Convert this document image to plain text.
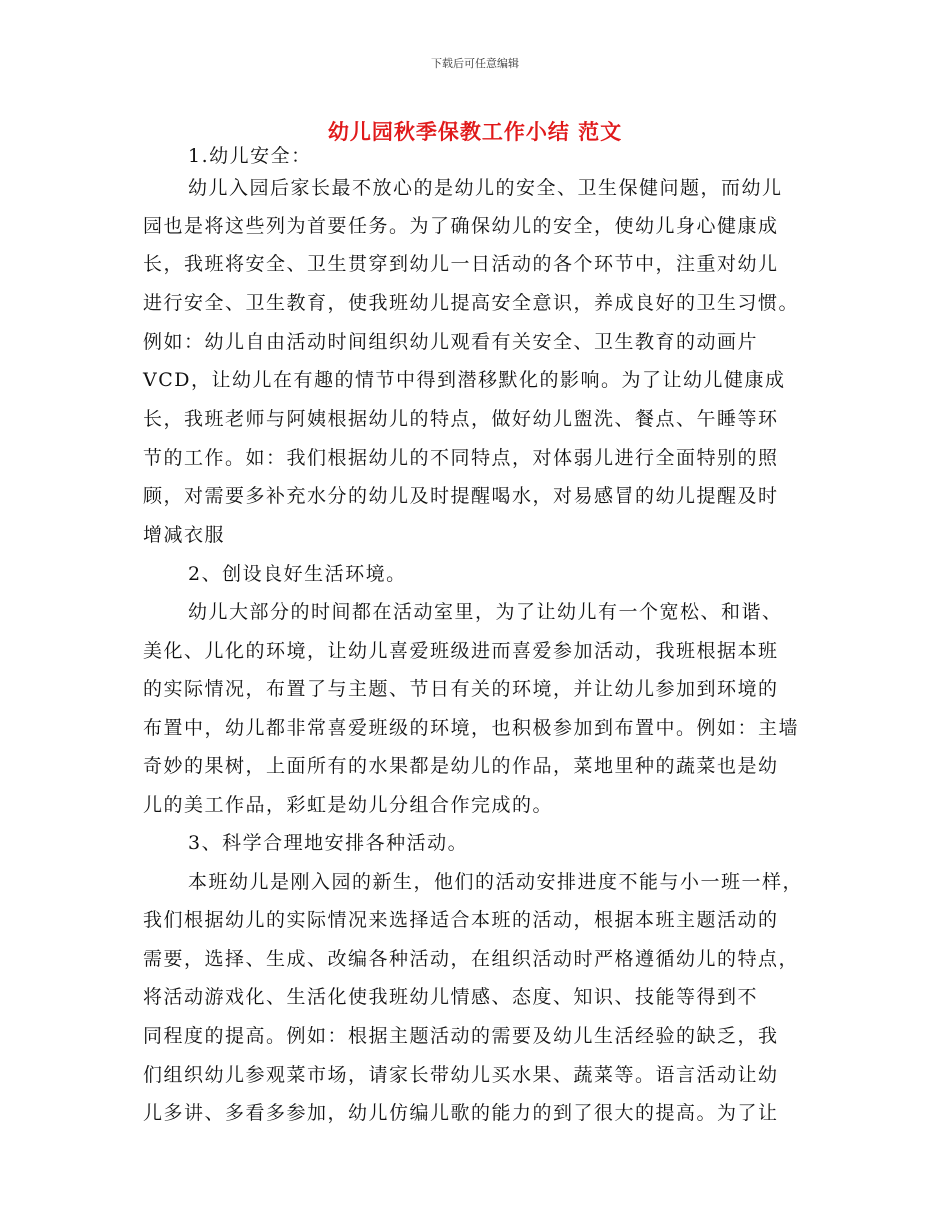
下载后可任意编辑
幼儿园秋季保教工作小结 范文
1.幼儿安全：
幼儿入园后家长最不放心的是幼儿的安全、卫生保健问题，而幼儿
园也是将这些列为首要任务。为了确保幼儿的安全，使幼儿身心健康成
长，我班将安全、卫生贯穿到幼儿一日活动的各个环节中，注重对幼儿
进行安全、卫生教育，使我班幼儿提高安全意识，养成良好的卫生习惯。
例如：幼儿自由活动时间组织幼儿观看有关安全、卫生教育的动画片
VCD，让幼儿在有趣的情节中得到潜移默化的影响。为了让幼儿健康成
长，我班老师与阿姨根据幼儿的特点，做好幼儿盥洗、餐点、午睡等环
节的工作。如：我们根据幼儿的不同特点，对体弱儿进行全面特别的照
顾，对需要多补充水分的幼儿及时提醒喝水，对易感冒的幼儿提醒及时
增减衣服
2、创设良好生活环境。
幼儿大部分的时间都在活动室里，为了让幼儿有一个宽松、和谐、
美化、儿化的环境，让幼儿喜爱班级进而喜爱参加活动，我班根据本班
的实际情况，布置了与主题、节日有关的环境，并让幼儿参加到环境的
布置中，幼儿都非常喜爱班级的环境，也积极参加到布置中。例如：主墙
奇妙的果树，上面所有的水果都是幼儿的作品，菜地里种的蔬菜也是幼
儿的美工作品，彩虹是幼儿分组合作完成的。
3、科学合理地安排各种活动。
本班幼儿是刚入园的新生，他们的活动安排进度不能与小一班一样，
我们根据幼儿的实际情况来选择适合本班的活动，根据本班主题活动的
需要，选择、生成、改编各种活动，在组织活动时严格遵循幼儿的特点，
将活动游戏化、生活化使我班幼儿情感、态度、知识、技能等得到不
同程度的提高。例如：根据主题活动的需要及幼儿生活经验的缺乏，我
们组织幼儿参观菜市场，请家长带幼儿买水果、蔬菜等。语言活动让幼
儿多讲、多看多参加，幼儿仿编儿歌的能力的到了很大的提高。为了让
